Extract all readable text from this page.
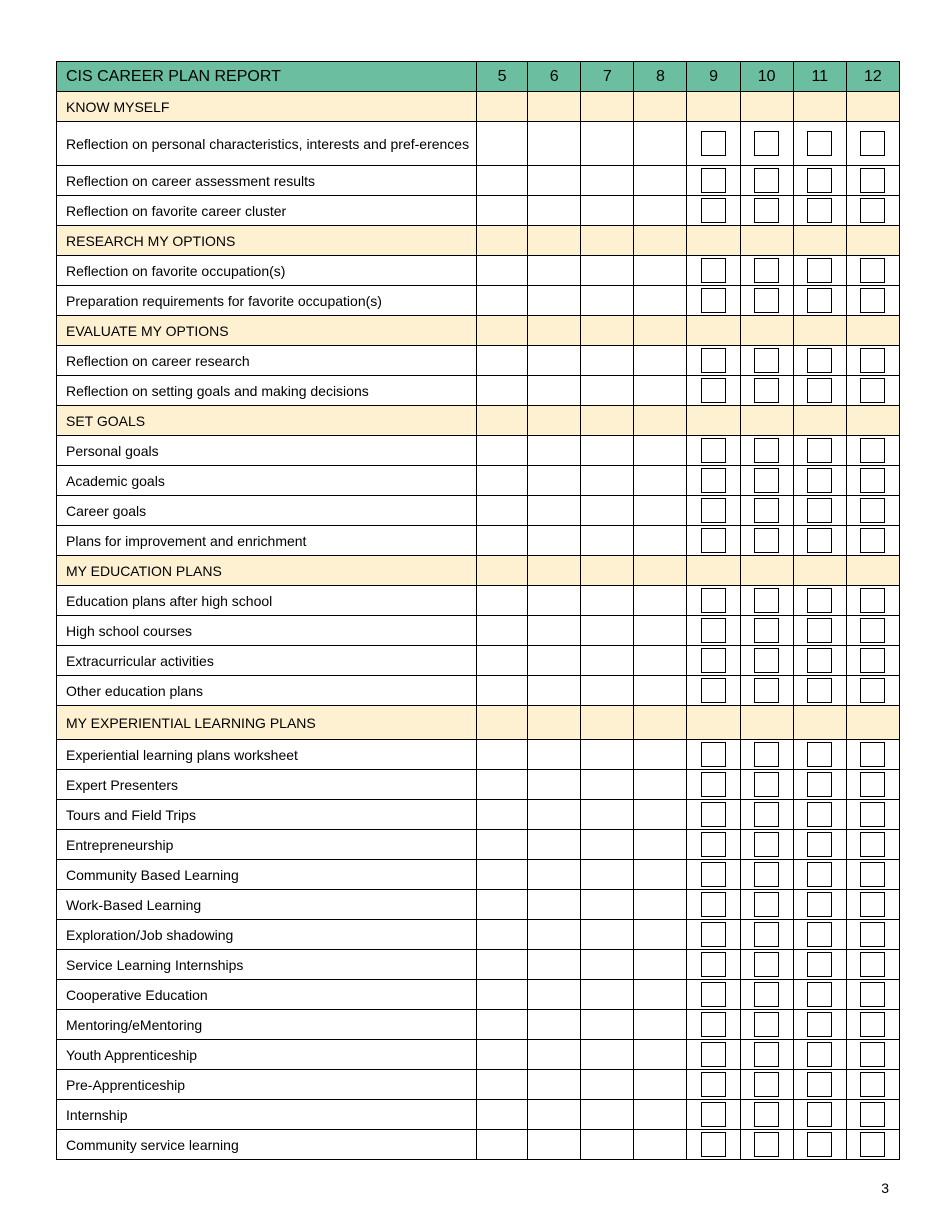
CIS CAREER PLAN REPORT	5	6	7	8	9	10	11	12
KNOW MYSELF								
Reflection on personal characteristics, interests and pref-erences								
Reflection on career assessment results								
Reflection on favorite career cluster								
RESEARCH MY OPTIONS								
Reflection on favorite occupation(s)								
Preparation requirements for favorite occupation(s)								
EVALUATE MY OPTIONS								
Reflection on career research								
Reflection on setting goals and making decisions								
SET GOALS								
Personal goals								
Academic goals								
Career goals								
Plans for improvement and enrichment								
MY EDUCATION PLANS								
Education plans after high school								
High school courses								
Extracurricular activities								
Other education plans								
MY EXPERIENTIAL LEARNING PLANS								
Experiential learning plans worksheet								
Expert Presenters								
Tours and Field Trips								
Entrepreneurship								
Community Based Learning								
Work-Based Learning								
Exploration/Job shadowing								
Service Learning Internships								
Cooperative Education								
Mentoring/eMentoring								
Youth Apprenticeship								
Pre-Apprenticeship								
Internship								
Community service learning								
3
